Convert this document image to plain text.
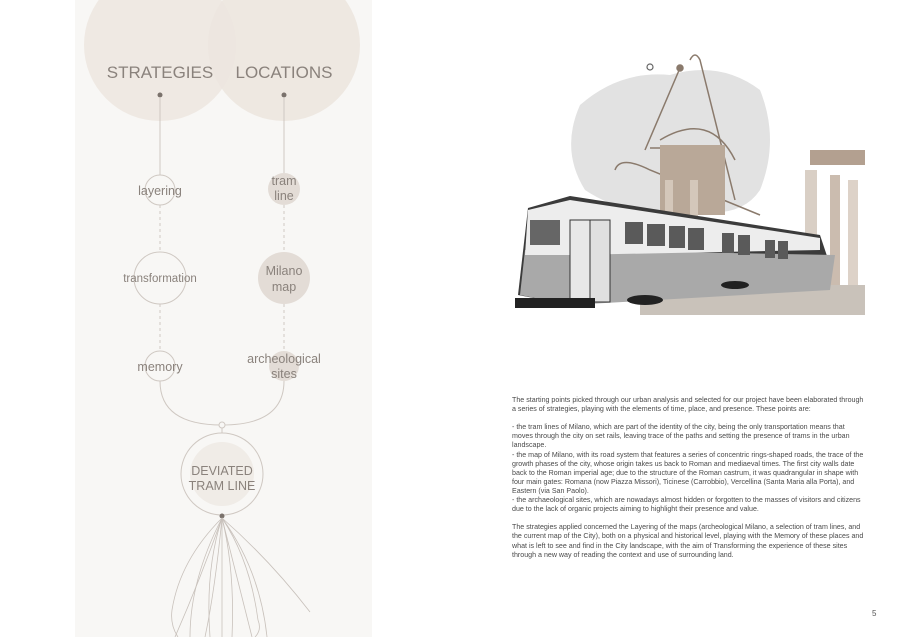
STRATEGIES LOCATIONS
layering
transformation
memory
tram
line
Milano
map
archeological
sites
DEVIATED
TRAM LINE

The starting points picked through our urban analysis and selected for our project have been elaborated through a series of strategies, playing with the elements of time, place, and presence. These points are:

- the tram lines of Milano, which are part of the identity of the city, being the only transportation means that moves through the city on set rails, leaving trace of the paths and setting the presence of trams in the urban landscape.
- the map of Milano, with its road system that features a series of concentric rings-shaped roads, the trace of the growth phases of the city, whose origin takes us back to Roman and mediaeval times. The first city walls date back to the Roman imperial age; due to the structure of the Roman castrum, it was quadrangular in shape with four main gates: Romana (now Piazza Missori), Ticinese (Carrobbio), Vercellina (Santa Maria alla Porta), and Eastern (via San Paolo).

- the archaeological sites, which are nowadays almost hidden or forgotten to the masses of visitors and citizens due to the lack of organic projects aiming to highlight their presence and value.

The strategies applied concerned the Layering of the maps (archeological Milano, a selection of tram lines, and the current map of the City), both on a physical and historical level, playing with the Memory of these places and what is left to see and find in the City landscape, with the aim of Transforming the experience of these sites through a new way of reading the context and use of surrounding land.

5
